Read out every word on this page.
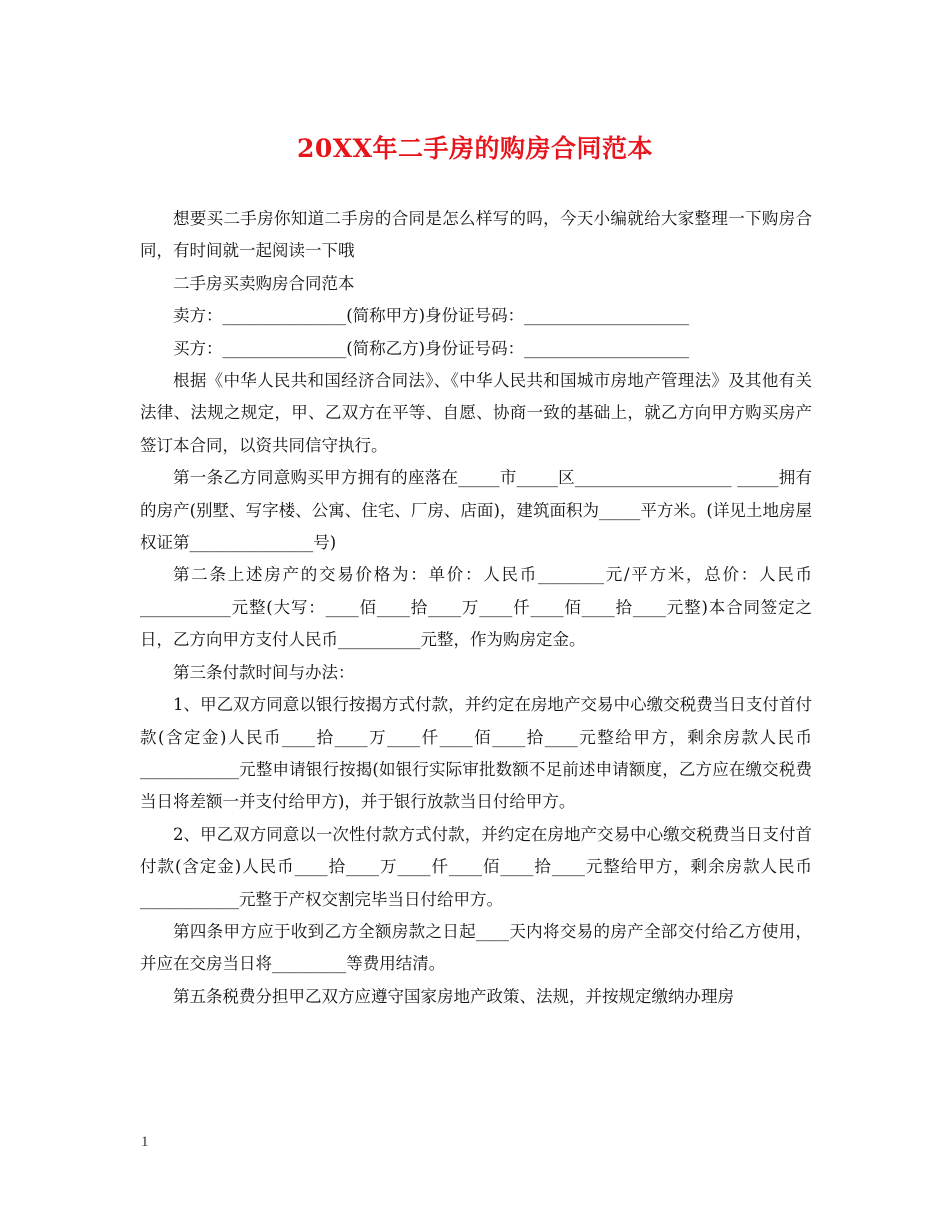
20XX年二手房的购房合同范本

想要买二手房你知道二手房的合同是怎么样写的吗，今天小编就给大家整理一下购房合同，有时间就一起阅读一下哦

二手房买卖购房合同范本

卖方：_______________(简称甲方)身份证号码：____________________

买方：_______________(简称乙方)身份证号码：____________________

根据《中华人民共和国经济合同法》、《中华人民共和国城市房地产管理法》及其他有关法律、法规之规定，甲、乙双方在平等、自愿、协商一致的基础上，就乙方向甲方购买房产签订本合同，以资共同信守执行。

第一条乙方同意购买甲方拥有的座落在_____市_____区___________________ _____拥有的房产(别墅、写字楼、公寓、住宅、厂房、店面)，建筑面积为_____平方米。(详见土地房屋权证第_______________号)

第二条上述房产的交易价格为：单价：人民币________元/平方米，总价：人民币___________元整(大写：____佰____拾____万____仟____佰____拾____元整)本合同签定之日，乙方向甲方支付人民币__________元整，作为购房定金。

第三条付款时间与办法：

1、甲乙双方同意以银行按揭方式付款，并约定在房地产交易中心缴交税费当日支付首付款(含定金)人民币____拾____万____仟____佰____拾____元整给甲方，剩余房款人民币____________元整申请银行按揭(如银行实际审批数额不足前述申请额度，乙方应在缴交税费当日将差额一并支付给甲方)，并于银行放款当日付给甲方。

2、甲乙双方同意以一次性付款方式付款，并约定在房地产交易中心缴交税费当日支付首付款(含定金)人民币____拾____万____仟____佰____拾____元整给甲方，剩余房款人民币____________元整于产权交割完毕当日付给甲方。

第四条甲方应于收到乙方全额房款之日起____天内将交易的房产全部交付给乙方使用，并应在交房当日将_________等费用结清。

第五条税费分担甲乙双方应遵守国家房地产政策、法规，并按规定缴纳办理房

1
